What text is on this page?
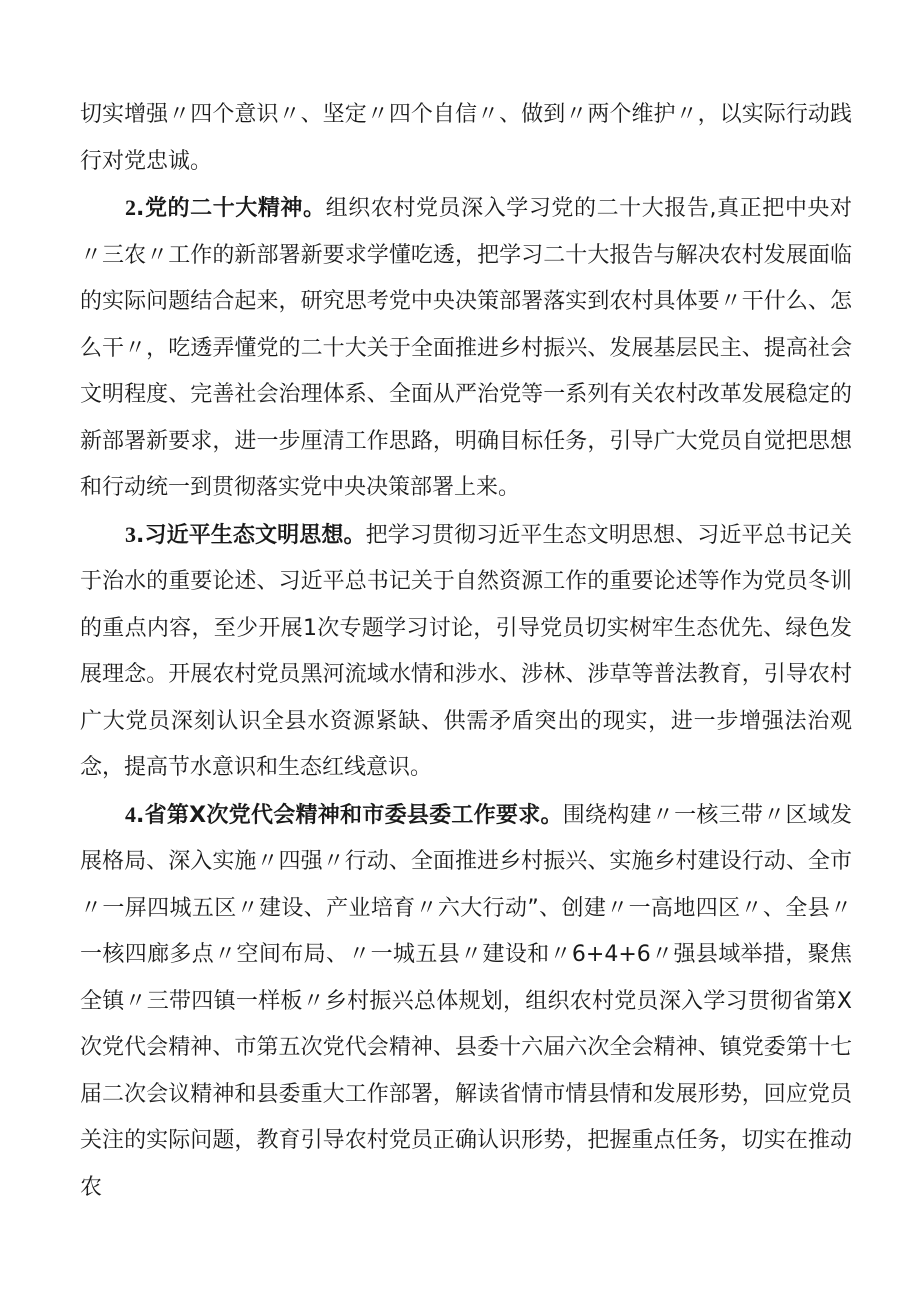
切实增强〃四个意识〃、坚定〃四个自信〃、做到〃两个维护〃，以实际行动践行对党忠诚。

2.党的二十大精神。组织农村党员深入学习党的二十大报告,真正把中央对〃三农〃工作的新部署新要求学懂吃透，把学习二十大报告与解决农村发展面临的实际问题结合起来，研究思考党中央决策部署落实到农村具体要〃干什么、怎么干〃，吃透弄懂党的二十大关于全面推进乡村振兴、发展基层民主、提高社会文明程度、完善社会治理体系、全面从严治党等一系列有关农村改革发展稳定的新部署新要求，进一步厘清工作思路，明确目标任务，引导广大党员自觉把思想和行动统一到贯彻落实党中央决策部署上来。

3.习近平生态文明思想。把学习贯彻习近平生态文明思想、习近平总书记关于治水的重要论述、习近平总书记关于自然资源工作的重要论述等作为党员冬训的重点内容，至少开展1次专题学习讨论，引导党员切实树牢生态优先、绿色发展理念。开展农村党员黑河流域水情和涉水、涉林、涉草等普法教育，引导农村广大党员深刻认识全县水资源紧缺、供需矛盾突出的现实，进一步增强法治观念，提高节水意识和生态红线意识。

4.省第X次党代会精神和市委县委工作要求。围绕构建〃一核三带〃区域发展格局、深入实施〃四强〃行动、全面推进乡村振兴、实施乡村建设行动、全市〃一屏四城五区〃建设、产业培育〃六大行动”、创建〃一高地四区〃、全县〃一核四廊多点〃空间布局、〃一城五县〃建设和〃6+4+6〃强县域举措，聚焦全镇〃三带四镇一样板〃乡村振兴总体规划，组织农村党员深入学习贯彻省第X次党代会精神、市第五次党代会精神、县委十六届六次全会精神、镇党委第十七届二次会议精神和县委重大工作部署，解读省情市情县情和发展形势，回应党员关注的实际问题，教育引导农村党员正确认识形势，把握重点任务，切实在推动农
